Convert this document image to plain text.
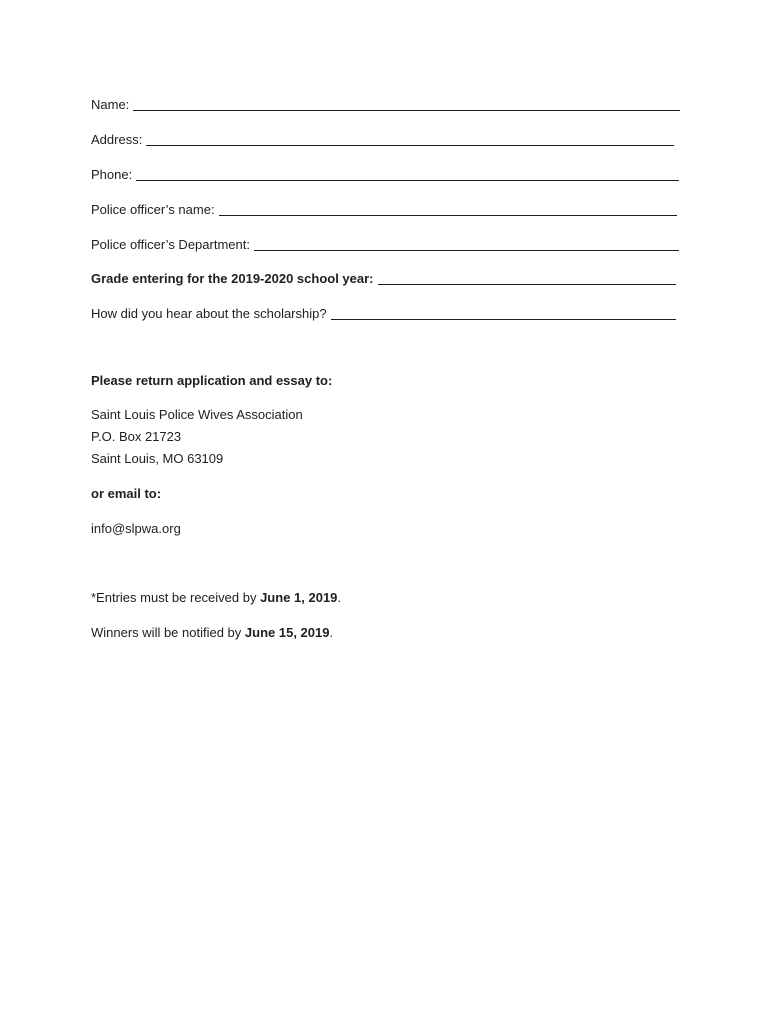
Name:
Address:
Phone:
Police officer’s name:
Police officer’s Department:
Grade entering for the 2019-2020 school year:
How did you hear about the scholarship?
Please return application and essay to:
Saint Louis Police Wives Association
P.O. Box 21723
Saint Louis, MO 63109
or email to:
info@slpwa.org
*Entries must be received by June 1, 2019.
Winners will be notified by June 15, 2019.
